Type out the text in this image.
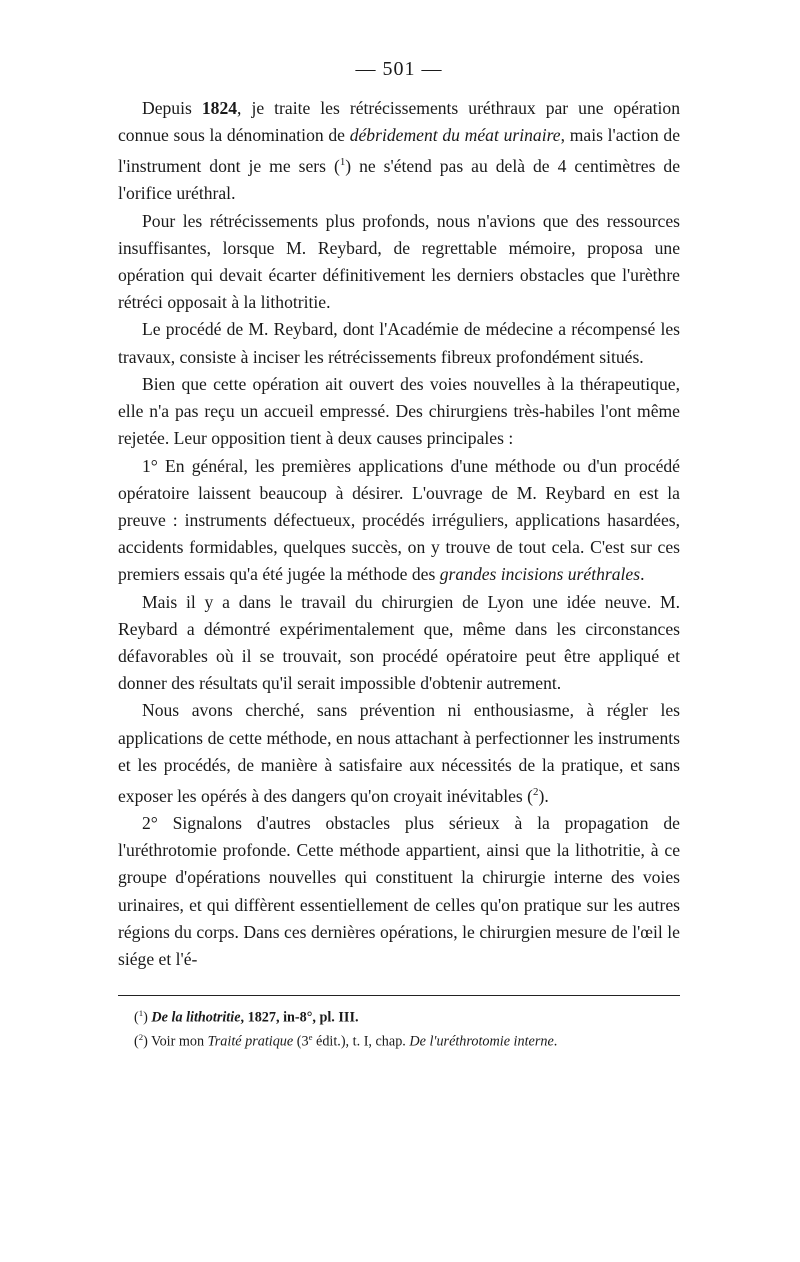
— 501 —

Depuis 1824, je traite les rétrécissements uréthraux par une opération connue sous la dénomination de débridement du méat urinaire, mais l'action de l'instrument dont je me sers ($^1$) ne s'étend pas au delà de 4 centimètres de l'orifice uréthral.

Pour les rétrécissements plus profonds, nous n'avions que des ressources insuffisantes, lorsque M. Reybard, de regrettable mémoire, proposa une opération qui devait écarter définitivement les derniers obstacles que l'urèthre rétréci opposait à la lithotritie.

Le procédé de M. Reybard, dont l'Académie de médecine a récompensé les travaux, consiste à inciser les rétrécissements fibreux profondément situés.

Bien que cette opération ait ouvert des voies nouvelles à la thérapeutique, elle n'a pas reçu un accueil empressé. Des chirurgiens très-habiles l'ont même rejetée. Leur opposition tient à deux causes principales :

1° En général, les premières applications d'une méthode ou d'un procédé opératoire laissent beaucoup à désirer. L'ouvrage de M. Reybard en est la preuve : instruments défectueux, procédés irréguliers, applications hasardées, accidents formidables, quelques succès, on y trouve de tout cela. C'est sur ces premiers essais qu'a été jugée la méthode des grandes incisions uréthrales.

Mais il y a dans le travail du chirurgien de Lyon une idée neuve. M. Reybard a démontré expérimentalement que, même dans les circonstances défavorables où il se trouvait, son procédé opératoire peut être appliqué et donner des résultats qu'il serait impossible d'obtenir autrement.

Nous avons cherché, sans prévention ni enthousiasme, à régler les applications de cette méthode, en nous attachant à perfectionner les instruments et les procédés, de manière à satisfaire aux nécessités de la pratique, et sans exposer les opérés à des dangers qu'on croyait inévitables ($^2$).

2° Signalons d'autres obstacles plus sérieux à la propagation de l'uréthrotomie profonde. Cette méthode appartient, ainsi que la lithotritie, à ce groupe d'opérations nouvelles qui constituent la chirurgie interne des voies urinaires, et qui diffèrent essentiellement de celles qu'on pratique sur les autres régions du corps. Dans ces dernières opérations, le chirurgien mesure de l'œil le siége et l'é-

($^1$) De la lithotritie, 1827, in-8°, pl. III.

($^2$) Voir mon Traité pratique (3e édit.), t. I, chap. De l'uréthrotomie interne.
